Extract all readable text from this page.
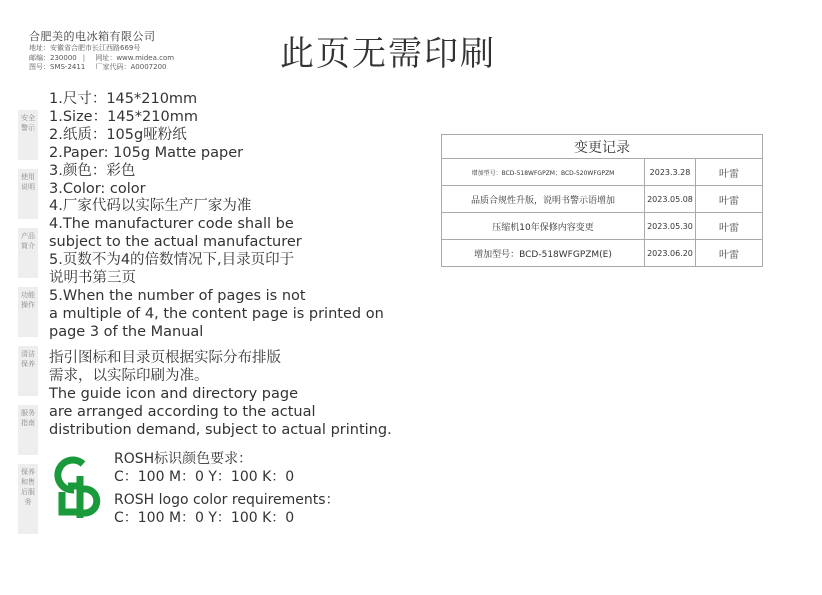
合肥美的电冰箱有限公司
地址：安徽省合肥市长江西路669号
邮编：230000 | 网址：www.midea.com
图号：SMS-2411 厂家代码：A0007200	此页无需印刷
安全警示
使用说明
产品简介
功能操作
清洁保养
服务指南
保养和售后服务
1.尺寸：145*210mm
1.Size：145*210mm
2.纸质：105g哑粉纸
2.Paper: 105g Matte paper
3.颜色：彩色
3.Color: color
4.厂家代码以实际生产厂家为准
4.The manufacturer code shall be
subject to the actual manufacturer
5.页数不为4的倍数情况下,目录页印于
说明书第三页
5.When the number of pages is not
a multiple of 4, the content page is printed on
page 3 of the Manual
指引图标和目录页根据实际分布排版
需求，以实际印刷为准。
The guide icon and directory page
are arranged according to the actual
distribution demand, subject to actual printing.
ROSH标识颜色要求：
C：100 M：0 Y：100 K：0
ROSH logo color requirements：
C：100 M：0 Y：100 K：0
变更记录		
增加型号：BCD-518WFGPZM；BCD-520WFGPZM	2023.3.28	叶雷
品质合规性升版，说明书警示语增加	2023.05.08	叶雷
压缩机10年保修内容变更	2023.05.30	叶雷
增加型号：BCD-518WFGPZM(E)	2023.06.20	叶雷
